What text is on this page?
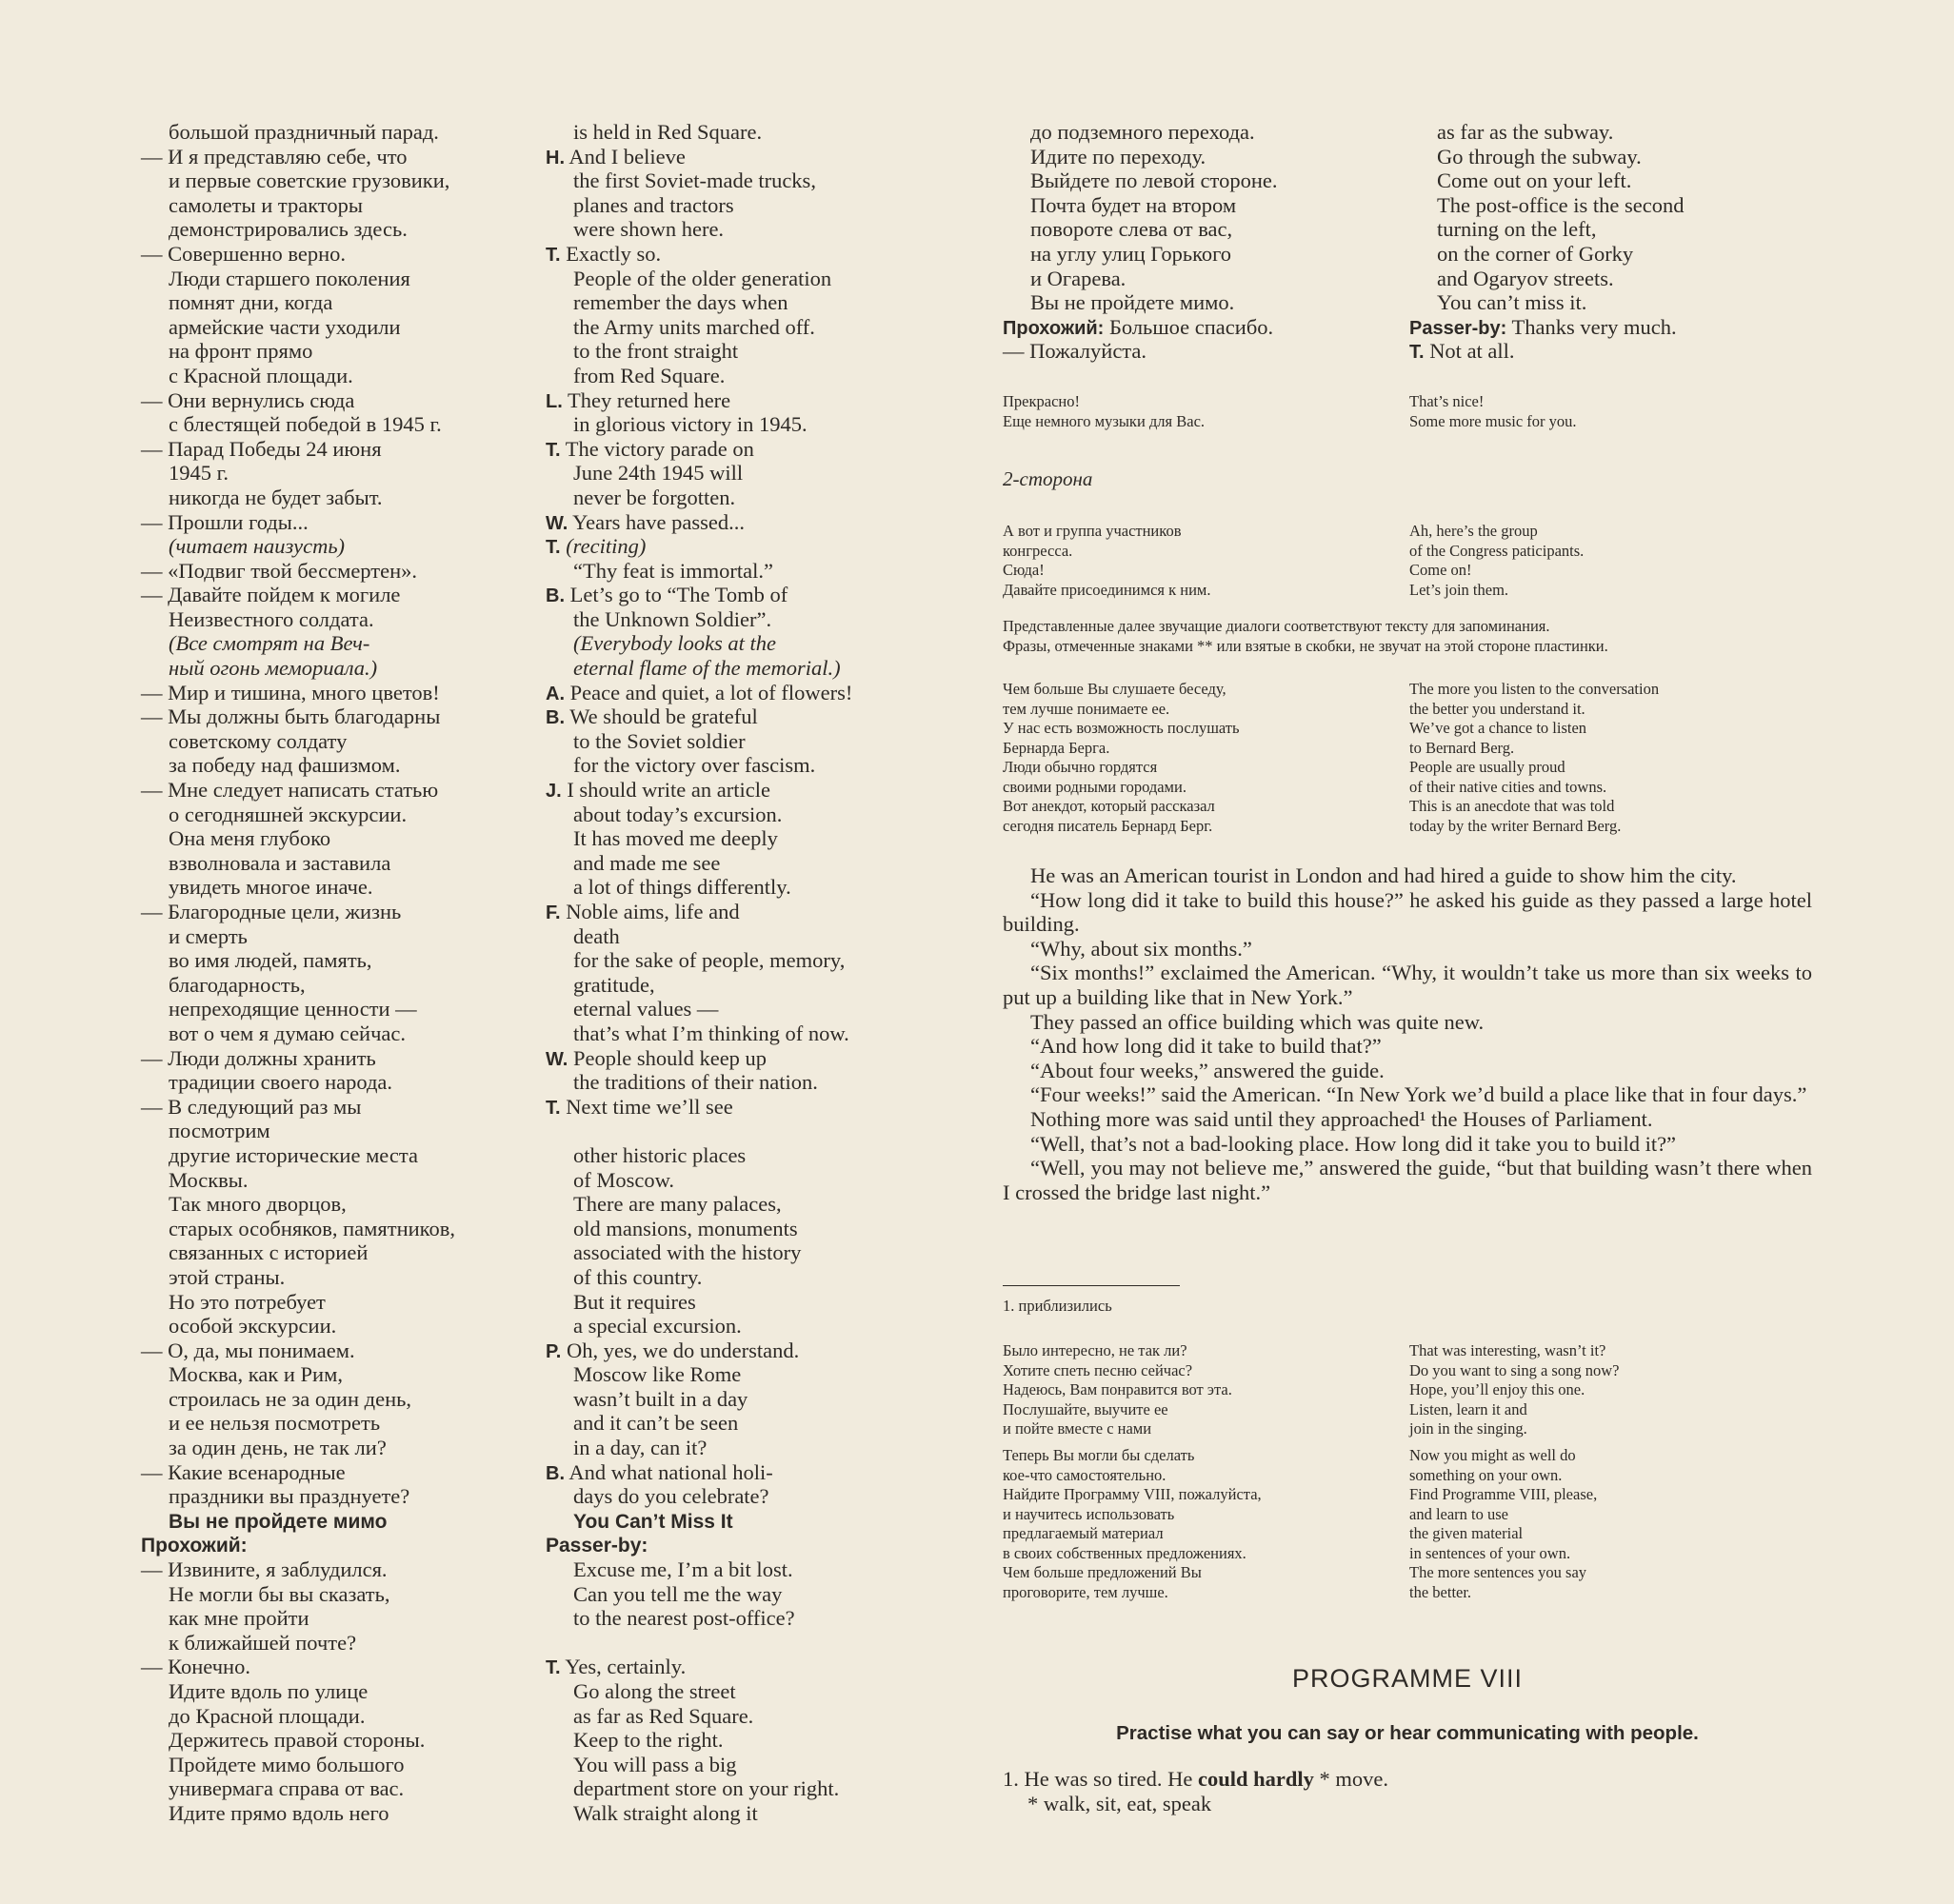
большой праздничный парад.
— И я представляю себе, что
и первые советские грузовики,
самолеты и тракторы
демонстрировались здесь.
— Совершенно верно.
Люди старшего поколения
помнят дни, когда
армейские части уходили
на фронт прямо
с Красной площади.
— Они вернулись сюда
с блестящей победой в 1945 г.
— Парад Победы 24 июня
1945 г.
никогда не будет забыт.
— Прошли годы...
(читает наизусть)
— «Подвиг твой бессмертен».
— Давайте пойдем к могиле
Неизвестного солдата.
(Все смотрят на Веч-
ный огонь мемориала.)
— Мир и тишина, много цветов!
— Мы должны быть благодарны
советскому солдату
за победу над фашизмом.
— Мне следует написать статью
о сегодняшней экскурсии.
Она меня глубоко
взволновала и заставила
увидеть многое иначе.
— Благородные цели, жизнь
и смерть
во имя людей, память,
благодарность,
непреходящие ценности —
вот о чем я думаю сейчас.
— Люди должны хранить
традиции своего народа.
— В следующий раз мы
посмотрим
другие исторические места
Москвы.
Так много дворцов,
старых особняков, памятников,
связанных с историей
этой страны.
Но это потребует
особой экскурсии.
— О, да, мы понимаем.
Москва, как и Рим,
строилась не за один день,
и ее нельзя посмотреть
за один день, не так ли?
— Какие всенародные
праздники вы празднуете?
Вы не пройдете мимо
Прохожий:
— Извините, я заблудился.
Не могли бы вы сказать,
как мне пройти
к ближайшей почте?
— Конечно.
Идите вдоль по улице
до Красной площади.
Держитесь правой стороны.
Пройдете мимо большого
универмага справа от вас.
Идите прямо вдоль него
is held in Red Square.
H. And I believe
the first Soviet-made trucks,
planes and tractors
were shown here.
T. Exactly so.
People of the older generation
remember the days when
the Army units marched off.
to the front straight
from Red Square.
L. They returned here
in glorious victory in 1945.
T. The victory parade on
June 24th 1945 will
never be forgotten.
W. Years have passed...
T. (reciting)
“Thy feat is immortal.”
B. Let’s go to “The Tomb of
the Unknown Soldier”.
(Everybody looks at the
eternal flame of the memorial.)
A. Peace and quiet, a lot of flowers!
B. We should be grateful
to the Soviet soldier
for the victory over fascism.
J. I should write an article
about today’s excursion.
It has moved me deeply
and made me see
a lot of things differently.
F. Noble aims, life and
death
for the sake of people, memory,
gratitude,
eternal values —
that’s what I’m thinking of now.
W. People should keep up
the traditions of their nation.
T. Next time we’ll see
other historic places
of Moscow.
There are many palaces,
old mansions, monuments
associated with the history
of this country.
But it requires
a special excursion.
P. Oh, yes, we do understand.
Moscow like Rome
wasn’t built in a day
and it can’t be seen
in a day, can it?
B. And what national holi-
days do you celebrate?
You Can’t Miss It
Passer-by:
Excuse me, I’m a bit lost.
Can you tell me the way
to the nearest post-office?
T. Yes, certainly.
Go along the street
as far as Red Square.
Keep to the right.
You will pass a big
department store on your right.
Walk straight along it
до подземного перехода.
Идите по переходу.
Выйдете по левой стороне.
Почта будет на втором
повороте слева от вас,
на углу улиц Горького
и Огарева.
Вы не пройдете мимо.
Прохожий: Большое спасибо.
— Пожалуйста.
as far as the subway.
Go through the subway.
Come out on your left.
The post-office is the second
turning on the left,
on the corner of Gorky
and Ogaryov streets.
You can’t miss it.
Passer-by: Thanks very much.
T. Not at all.
Прекрасно!
Еще немного музыки для Вас.
That’s nice!
Some more music for you.
2-сторона
А вот и группа участников
конгресса.
Сюда!
Давайте присоединимся к ним.
Ah, here’s the group
of the Congress paticipants.
Come on!
Let’s join them.
Представленные далее звучащие диалоги соответствуют тексту для запоминания.
Фразы, отмеченные знаками ** или взятые в скобки, не звучат на этой стороне пластинки.
Чем больше Вы слушаете беседу,
тем лучше понимаете ее.
У нас есть возможность послушать
Бернарда Берга.
Люди обычно гордятся
своими родными городами.
Вот анекдот, который рассказал
сегодня писатель Бернард Берг.
The more you listen to the conversation
the better you understand it.
We’ve got a chance to listen
to Bernard Berg.
People are usually proud
of their native cities and towns.
This is an anecdote that was told
today by the writer Bernard Berg.

He was an American tourist in London and had hired a guide to show him the city.

“How long did it take to build this house?” he asked his guide as they passed a large hotel building.

“Why, about six months.”

“Six months!” exclaimed the American. “Why, it wouldn’t take us more than six weeks to put up a building like that in New York.”

They passed an office building which was quite new.

“And how long did it take to build that?”

“About four weeks,” answered the guide.

“Four weeks!” said the American. “In New York we’d build a place like that in four days.”

Nothing more was said until they approached¹ the Houses of Parliament.

“Well, that’s not a bad-looking place. How long did it take you to build it?”

“Well, you may not believe me,” answered the guide, “but that building wasn’t there when I crossed the bridge last night.”

1. приблизились
Было интересно, не так ли?
Хотите спеть песню сейчас?
Надеюсь, Вам понравится вот эта.
Послушайте, выучите ее
и пойте вместе с нами
That was interesting, wasn’t it?
Do you want to sing a song now?
Hope, you’ll enjoy this one.
Listen, learn it and
join in the singing.
Теперь Вы могли бы сделать
кое-что самостоятельно.
Найдите Программу VIII, пожалуйста,
и научитесь использовать
предлагаемый материал
в своих собственных предложениях.
Чем больше предложений Вы
проговорите, тем лучше.
Now you might as well do
something on your own.
Find Programme VIII, please,
and learn to use
the given material
in sentences of your own.
The more sentences you say
the better.
PROGRAMME VIII
Practise what you can say or hear communicating with people.
1. He was so tired. He could hardly * move.
* walk, sit, eat, speak
